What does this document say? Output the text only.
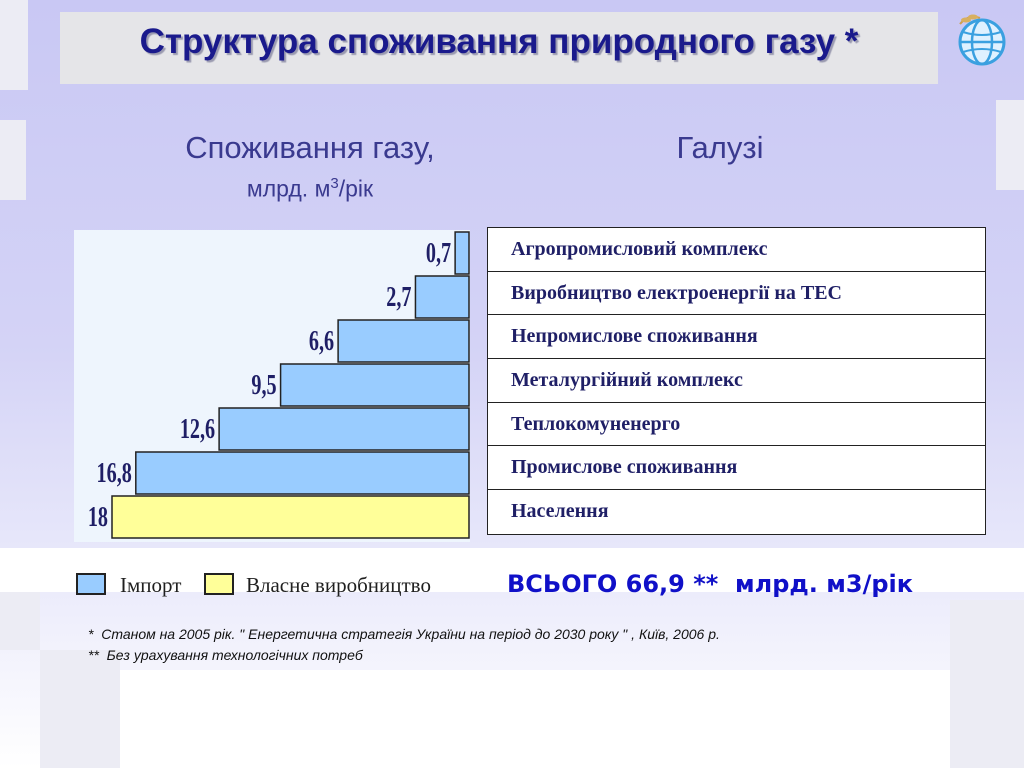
Структура споживання природного газу *
Споживання газу,
млрд. $м^3$/рік
Галузі
0,7
2,7
6,6
9,5
12,6
16,8
18
Агропромисловий комплекс
Виробництво електроенергії на ТЕС
Непромислове споживання
Металургійний комплекс
Теплокомуненерго
Промислове споживання
Населення
Імпорт	Власне виробництво	ВСЬОГО 66,9 **  млрд. м3/рік
*  Станом на 2005 рік. " Енергетична стратегія України на період до 2030 року " , Київ, 2006 р.
**  Без урахування технологічних потреб
